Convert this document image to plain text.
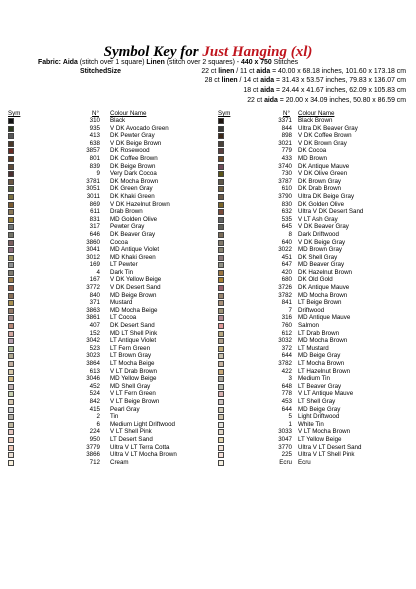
Symbol Key for Just Hanging (xl)
Fabric: Aida (stitch over 1 square) Linen (stitch over 2 squares) - 440 x 750 Stitches
StitchedSize	22 ct linen / 11 ct aida = 40.00 x 68.18 inches, 101.60 x 173.18 cm
28 ct linen / 14 ct aida = 31.43 x 53.57 inches, 79.83 x 136.07 cm
18 ct aida = 24.44 x 41.67 inches, 62.09 x 105.83 cm
22 ct aida = 20.00 x 34.09 inches, 50.80 x 86.59 cm
Sym	N° Colour Name	Sym	N° Colour Name
310 Black
935 V DK Avocado Green
413 DK Pewter Gray
638 V DK Beige Brown
3857 DK Rosewood
801 DK Coffee Brown
839 DK Beige Brown
9 Very Dark Cocoa
3781 DK Mocha Brown
3051 DK Green Gray
3011 DK Khaki Green
869 V DK Hazelnut Brown
611 Drab Brown
831 MD Golden Olive
317 Pewter Gray
646 DK Beaver Gray
3860 Cocoa
3041 MD Antique Violet
3012 MD Khaki Green
169 LT Pewter
4 Dark Tin
167 V DK Yellow Beige
3772 V DK Desert Sand
840 MD Beige Brown
371 Mustard
3863 MD Mocha Beige
3861 LT Cocoa
407 DK Desert Sand
152 MD LT Shell Pink
3042 LT Antique Violet
523 LT Fern Green
3023 LT Brown Gray
3864 LT Mocha Beige
613 V LT Drab Brown
3046 MD Yellow Beige
452 MD Shell Gray
524 V LT Fern Green
842 V LT Beige Brown
415 Pearl Gray
2 Tin
6 Medium Light Driftwood
224 V LT Shell Pink
950 LT Desert Sand
3779 Ultra V LT Terra Cotta
3866 Ultra V LT Mocha Brown
712 Cream
3371 Black Brown
844 Ultra DK Beaver Gray
898 V DK Coffee Brown
3021 V DK Brown Gray
779 DK Cocoa
433 MD Brown
3740 DK Antique Mauve
730 V DK Olive Green
3787 DK Brown Gray
610 DK Drab Brown
3790 Ultra DK Beige Gray
830 DK Golden Olive
632 Ultra V DK Desert Sand
535 V LT Ash Gray
645 V DK Beaver Gray
8 Dark Driftwood
640 V DK Beige Gray
3022 MD Brown Gray
451 DK Shell Gray
647 MD Beaver Gray
420 DK Hazelnut Brown
680 DK Old Gold
3726 DK Antique Mauve
3782 MD Mocha Brown
841 LT Beige Brown
7 Driftwood
316 MD Antique Mauve
760 Salmon
612 LT Drab Brown
3032 MD Mocha Brown
372 LT Mustard
644 MD Beige Gray
3782 LT Mocha Brown
422 LT Hazelnut Brown
3 Medium Tin
648 LT Beaver Gray
778 V LT Antique Mauve
453 LT Shell Gray
644 MD Beige Gray
5 Light Driftwood
1 White Tin
3033 V LT Mocha Brown
3047 LT Yellow Beige
3770 Ultra V LT Desert Sand
225 Ultra V LT Shell Pink
Ecru Ecru
